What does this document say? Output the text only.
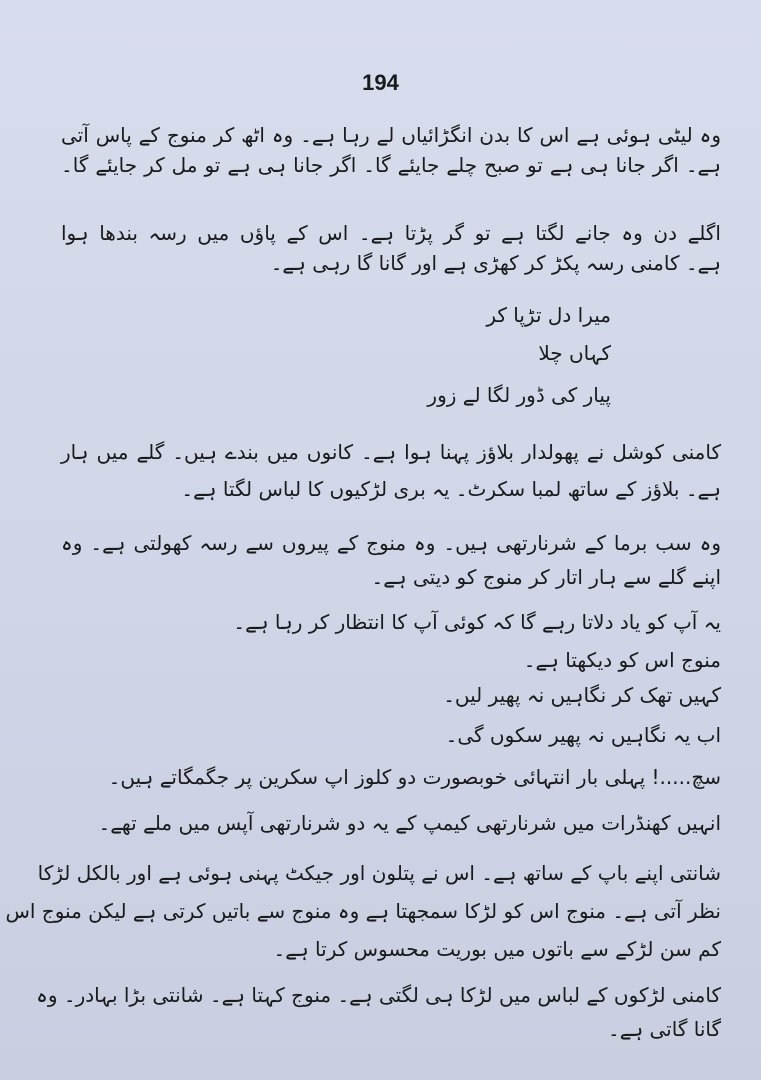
194
وہ لیٹی ہوئی ہے اس کا بدن انگڑائیاں لے رہا ہے۔ وہ اٹھ کر منوج کے پاس آتی
ہے۔ اگر جانا ہی ہے تو صبح چلے جایئے گا۔ اگر جانا ہی ہے تو مل کر جایئے گا۔
اگلے دن وہ جانے لگتا ہے تو گر پڑتا ہے۔ اس کے پاؤں میں رسہ بندھا ہوا
ہے۔ کامنی رسہ پکڑ کر کھڑی ہے اور گانا گا رہی ہے۔
میرا دل تڑپا کر
کہاں چلا
پیار کی ڈور لگا لے زور
کامنی کوشل نے پھولدار بلاؤز پہنا ہوا ہے۔ کانوں میں بندے ہیں۔ گلے میں ہار
ہے۔ بلاؤز کے ساتھ لمبا سکرٹ۔ یہ بری لڑکیوں کا لباس لگتا ہے۔
وہ سب برما کے شرنارتھی ہیں۔ وہ منوج کے پیروں سے رسہ کھولتی ہے۔ وہ
اپنے گلے سے ہار اتار کر منوج کو دیتی ہے۔
یہ آپ کو یاد دلاتا رہے گا کہ کوئی آپ کا انتظار کر رہا ہے۔
منوج اس کو دیکھتا ہے۔
کہیں تھک کر نگاہیں نہ پھیر لیں۔
اب یہ نگاہیں نہ پھیر سکوں گی۔
سچ.....! پہلی بار انتہائی خوبصورت دو کلوز اپ سکرین پر جگمگاتے ہیں۔
انہیں کھنڈرات میں شرنارتھی کیمپ کے یہ دو شرنارتھی آپس میں ملے تھے۔
شانتی اپنے باپ کے ساتھ ہے۔ اس نے پتلون اور جیکٹ پہنی ہوئی ہے اور بالکل لڑکا
نظر آتی ہے۔ منوج اس کو لڑکا سمجھتا ہے وہ منوج سے باتیں کرتی ہے لیکن منوج اس
کم سن لڑکے سے باتوں میں بوریت محسوس کرتا ہے۔
کامنی لڑکوں کے لباس میں لڑکا ہی لگتی ہے۔ منوج کہتا ہے۔ شانتی بڑا بہادر۔ وہ
گانا گاتی ہے۔
